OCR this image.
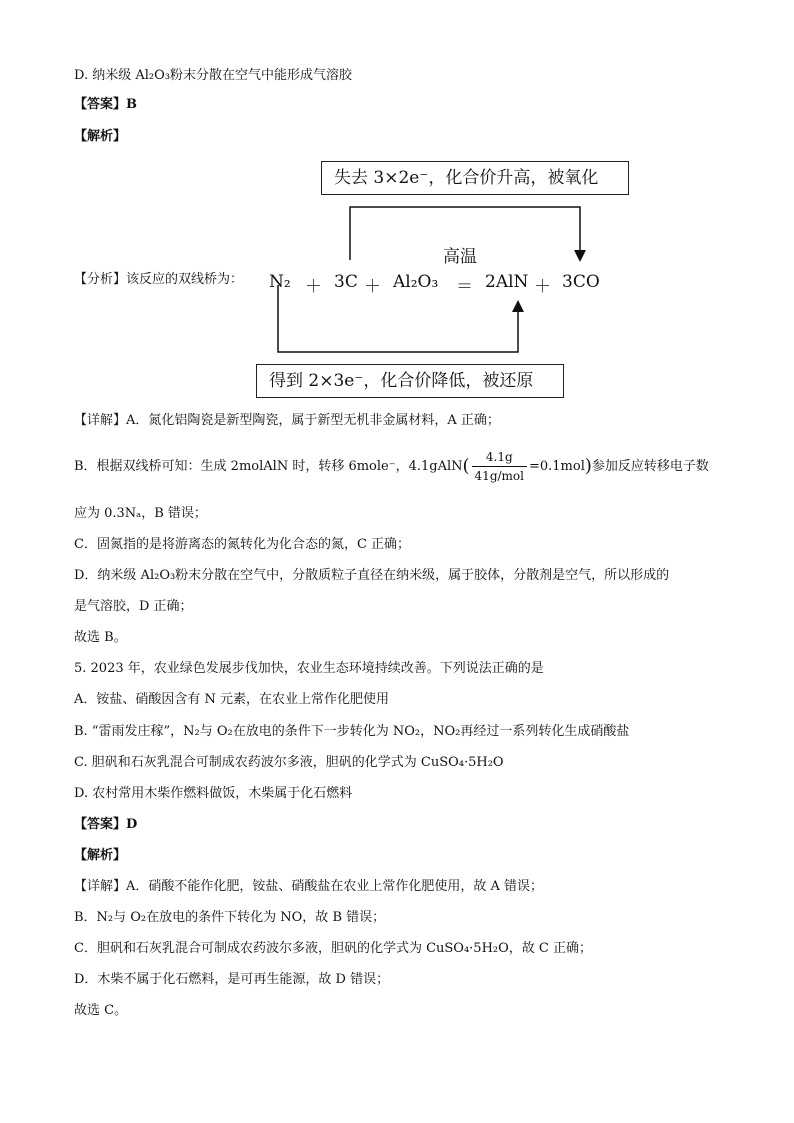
D. 纳米级 Al₂O₃粉末分散在空气中能形成气溶胶
【答案】B
【解析】
失去 3×2e⁻，化合价升高，被氧化
高温
【分析】该反应的双线桥为： N₂ ＋ 3C ＋ Al₂O₃ ＝ 2AlN ＋ 3CO
得到 2×3e⁻，化合价降低，被还原
【详解】A．氮化铝陶瓷是新型陶瓷，属于新型无机非金属材料，A 正确；
B．根据双线桥可知：生成 2molAlN 时，转移 6mole⁻，4.1gAlN( $\frac{4.1g}{\text{41g/mol}} =0.1mol$)参加反应转移电子数
应为 0.3Nₐ，B 错误；
C．固氮指的是将游离态的氮转化为化合态的氮，C 正确；
D．纳米级 Al₂O₃粉末分散在空气中，分散质粒子直径在纳米级，属于胶体，分散剂是空气，所以形成的
是气溶胶，D 正确；
故选 B。
5. 2023 年，农业绿色发展步伐加快，农业生态环境持续改善。下列说法正确的是
A．铵盐、硝酸因含有 N 元素，在农业上常作化肥使用
B. “雷雨发庄稼”，N₂与 O₂在放电的条件下一步转化为 NO₂，NO₂再经过一系列转化生成硝酸盐
C. 胆矾和石灰乳混合可制成农药波尔多液，胆矾的化学式为 CuSO₄·5H₂O
D. 农村常用木柴作燃料做饭，木柴属于化石燃料
【答案】D
【解析】
【详解】A．硝酸不能作化肥，铵盐、硝酸盐在农业上常作化肥使用，故 A 错误；
B．N₂与 O₂在放电的条件下转化为 NO，故 B 错误；
C．胆矾和石灰乳混合可制成农药波尔多液，胆矾的化学式为 CuSO₄·5H₂O，故 C 正确；
D．木柴不属于化石燃料，是可再生能源，故 D 错误；
故选 C。
